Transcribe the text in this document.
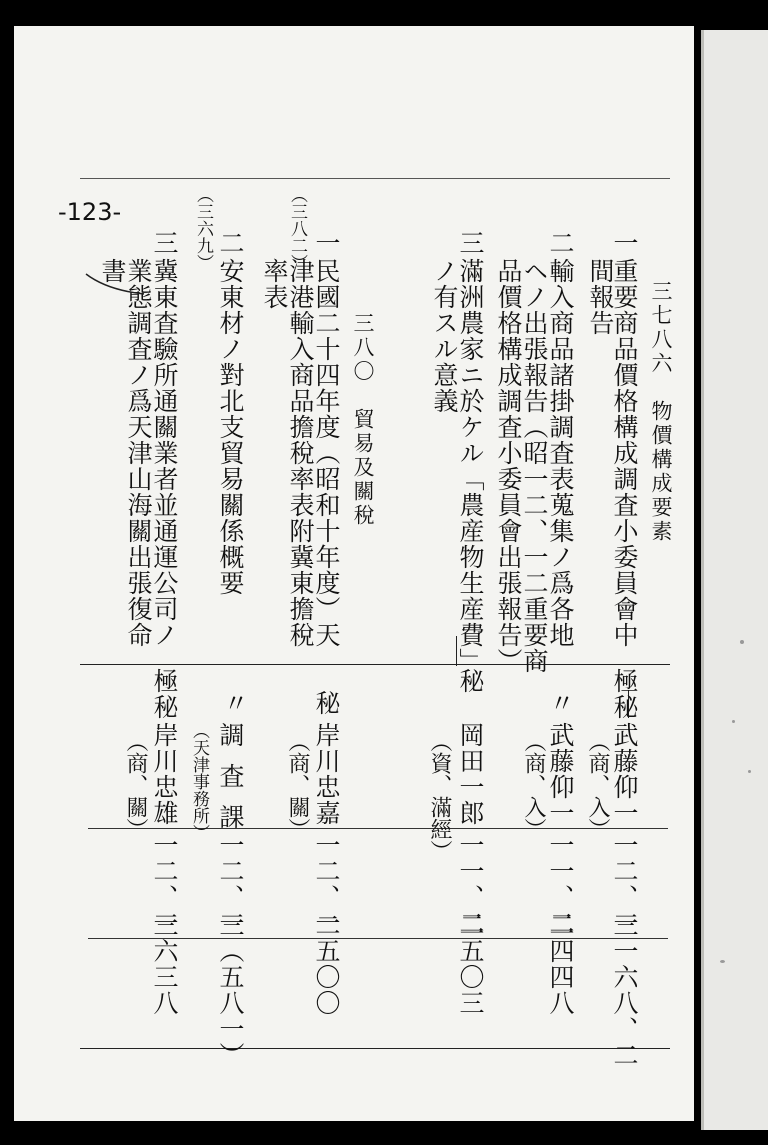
-123-
三七八六　物價構成要素
一
重要商品價格構成調査小委員會中
間報告
極秘
武藤仰一
（商、入）
一二、一
三一六八、二
二
輸入商品諸掛調査表蒐集ノ爲各地
ヘノ出張報告（昭一二、一二重要商
品價格構成調査小委員會出張報告）
〃
武藤仰一
（商、入）
一一、二
二四四八
三
滿洲農家ニ於ケル「農産物生産費」
ノ有スル意義
秘
岡田一郎
（資、滿經）
一一、二
二五〇三
三八〇　貿易及關稅
一
（三八二）
民國二十四年度（昭和十年度）天
津港輸入商品擔稅率表附冀東擔稅
率表
秘
岸川忠嘉
（商、關）
一二、一
二五〇〇
二
（三六九）
安東材ノ對北支貿易關係概要
〃
調査課
（天津事務所）
一二、一
三（五八一）
三
冀東査驗所通關業者並通運公司ノ
業態調査ノ爲天津山海關出張復命
書
極秘
岸川忠雄
（商、關）
一二、一
三六三八
